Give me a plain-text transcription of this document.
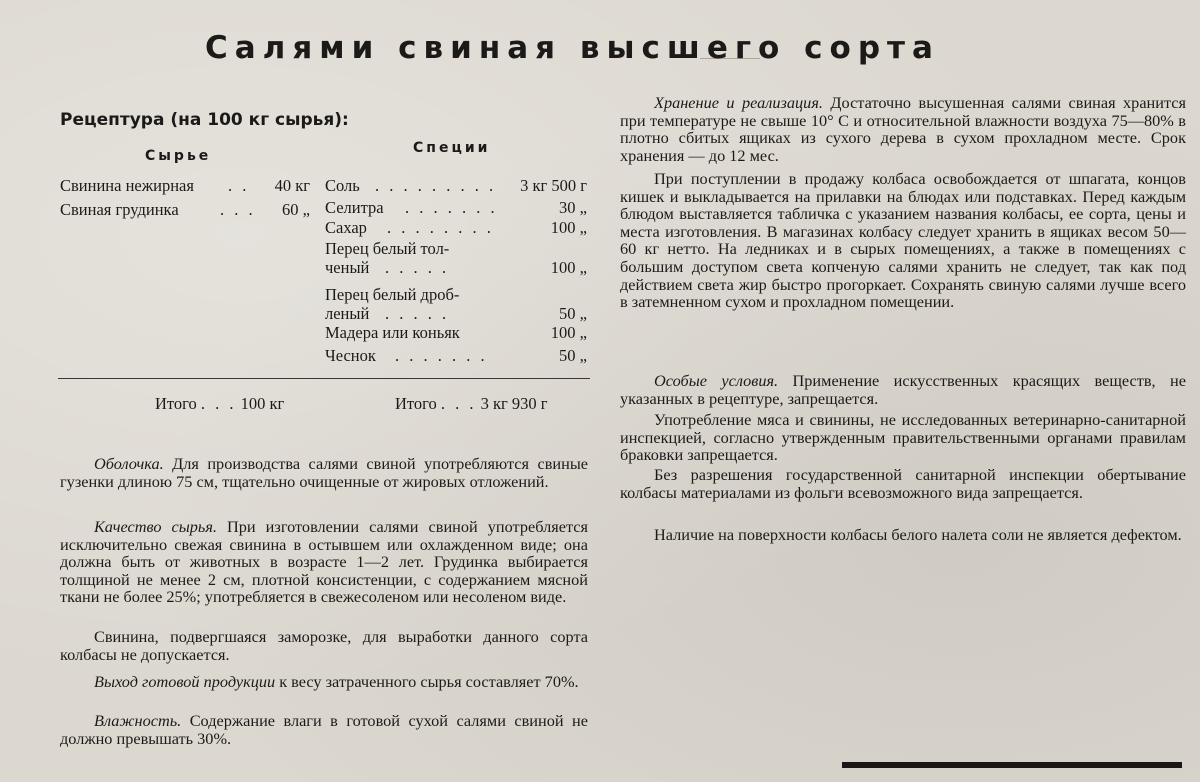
Салями свиная высшего сорта
Рецептура (на 100 кг сырья):
Сырье	Специи
Свинина нежирная . . 40 кг
Свиная грудинка	. . . 60 „
Соль . . . . . . . . . 3 кг 500 г
Селитра . . . . . . .	30 „
Сахар . . . . . . . .	100 „
Перец белый тол-
ченый . . . . .	100 „
Перец белый дроб-
леный . . . . .	50 „
Мадера или коньяк	100 „
Чеснок . . . . . . .	50 „
Итого . . . 100 кг	Итого . . . 3 кг 930 г

Оболочка. Для производства салями свиной употребляются свиные гузенки длиною 75 см, тщательно очищенные от жировых отложений.

Качество сырья. При изготовлении салями свиной употребляется исключительно свежая свинина в остывшем или охлажденном виде; она должна быть от животных в возрасте 1—2 лет. Грудинка выбирается толщиной не менее 2 см, плотной консистенции, с содержанием мясной ткани не более 25%; употребляется в свежесоленом или несоленом виде.

Свинина, подвергшаяся заморозке, для выработки данного сорта колбасы не допускается.

Выход готовой продукции к весу затраченного сырья составляет 70%.

Влажность. Содержание влаги в готовой сухой салями свиной не должно превышать 30%.

Хранение и реализация. Достаточно высушенная салями свиная хранится при температуре не свыше 10° С и относительной влажности воздуха 75—80% в плотно сбитых ящиках из сухого дерева в сухом прохладном месте. Срок хранения — до 12 мес.

При поступлении в продажу колбаса освобождается от шпагата, концов кишек и выкладывается на прилавки на блюдах или подставках. Перед каждым блюдом выставляется табличка с указанием названия колбасы, ее сорта, цены и места изготовления. В магазинах колбасу следует хранить в ящиках весом 50—60 кг нетто. На ледниках и в сырых помещениях, а также в помещениях с большим доступом света копченую салями хранить не следует, так как под действием света жир быстро прогоркает. Сохранять свиную салями лучше всего в затемненном сухом и прохладном помещении.

Особые условия. Применение искусственных красящих веществ, не указанных в рецептуре, запрещается.

Употребление мяса и свинины, не исследованных ветеринарно-санитарной инспекцией, согласно утвержденным правительственными органами правилам браковки запрещается.

Без разрешения государственной санитарной инспекции обертывание колбасы материалами из фольги всевозможного вида запрещается.

Наличие на поверхности колбасы белого налета соли не является дефектом.
